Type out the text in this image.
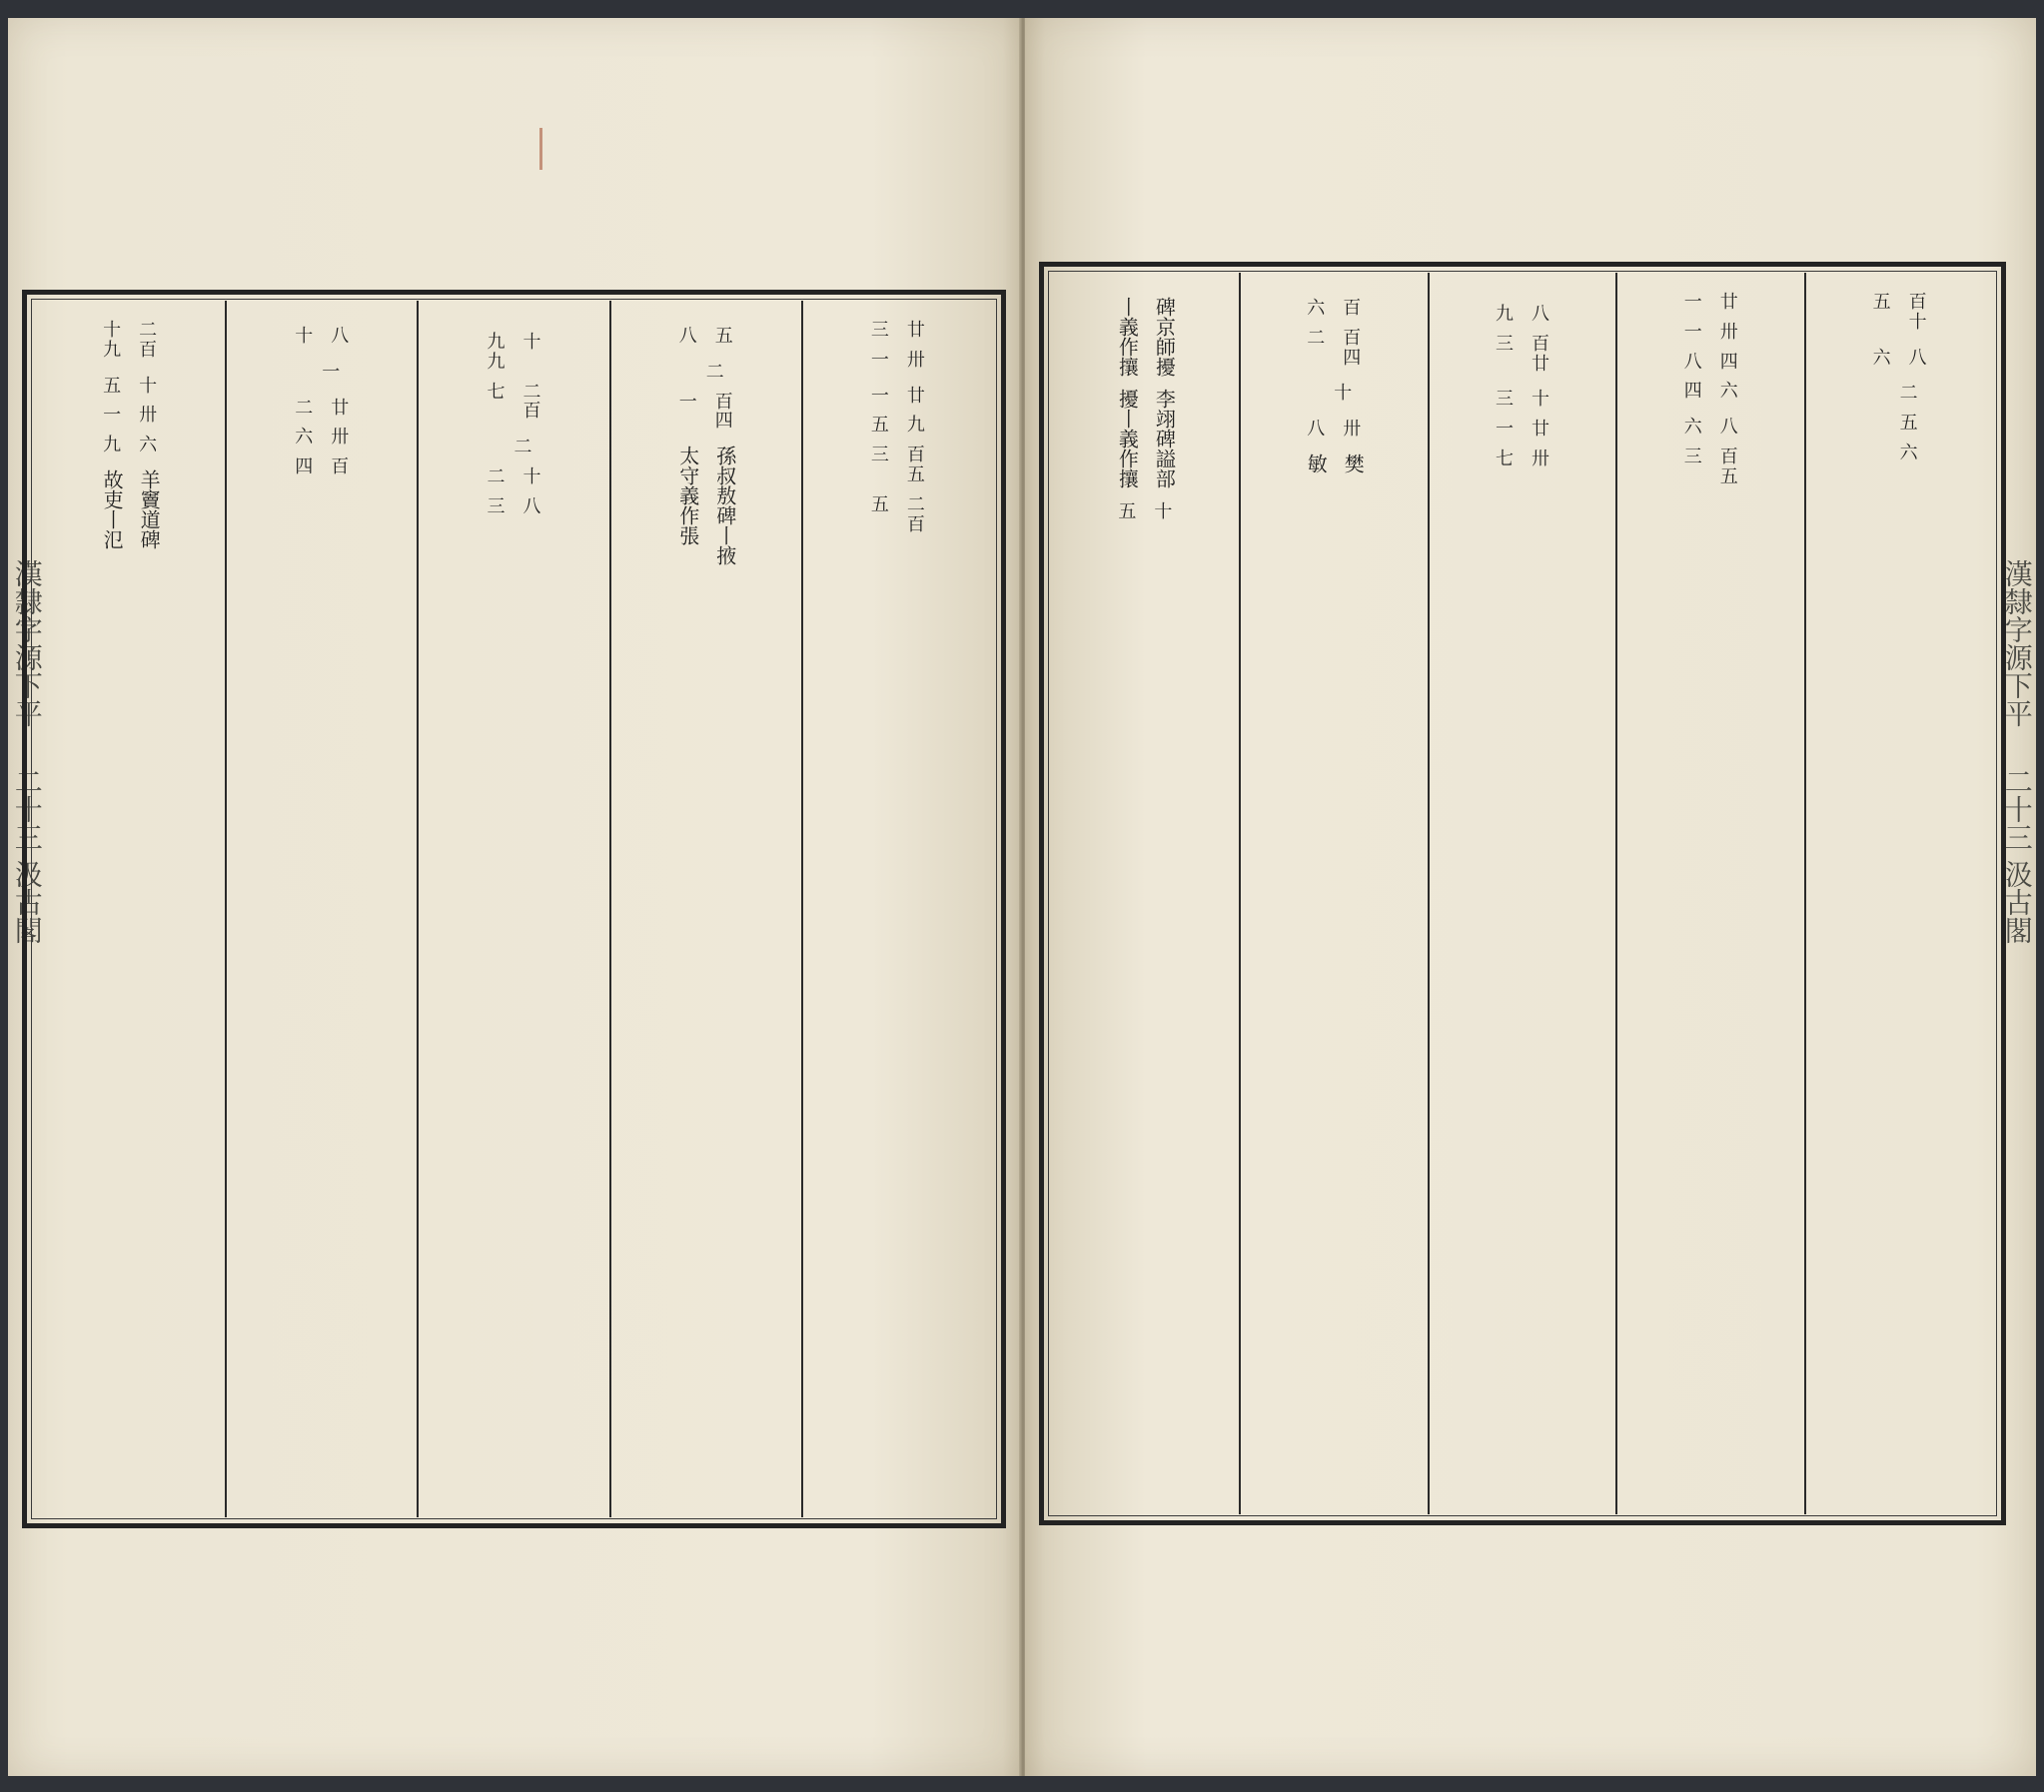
漢隸字源下平
二十三 汲古閣
漢隸字源下平
二十三 汲古閣
廿
三
卅
一
廿
一
九
五
百
五
三
二
百
五
五
八
二
百
四
一
孫叔敖碑丨掖
太守義作張
十
九
九
二
百
七
二
十
二
八
三
八
十
一
廿
二
卅
六
百
四
二
百
十
九
十
五
卅
一
六
九
羊竇道碑
故吏丨氾
百
十
五
八
六
二
五
六
廿
一
卅
一
四
八
六
四
八
六
百
五
三
八
九
百
廿
三
十
三
廿
一
卅
七
百
六
百
四
二
十
卅
八
樊
敏
碑京師擾
丨義作攘
李翊碑謚部
擾丨義作攘
十
五
